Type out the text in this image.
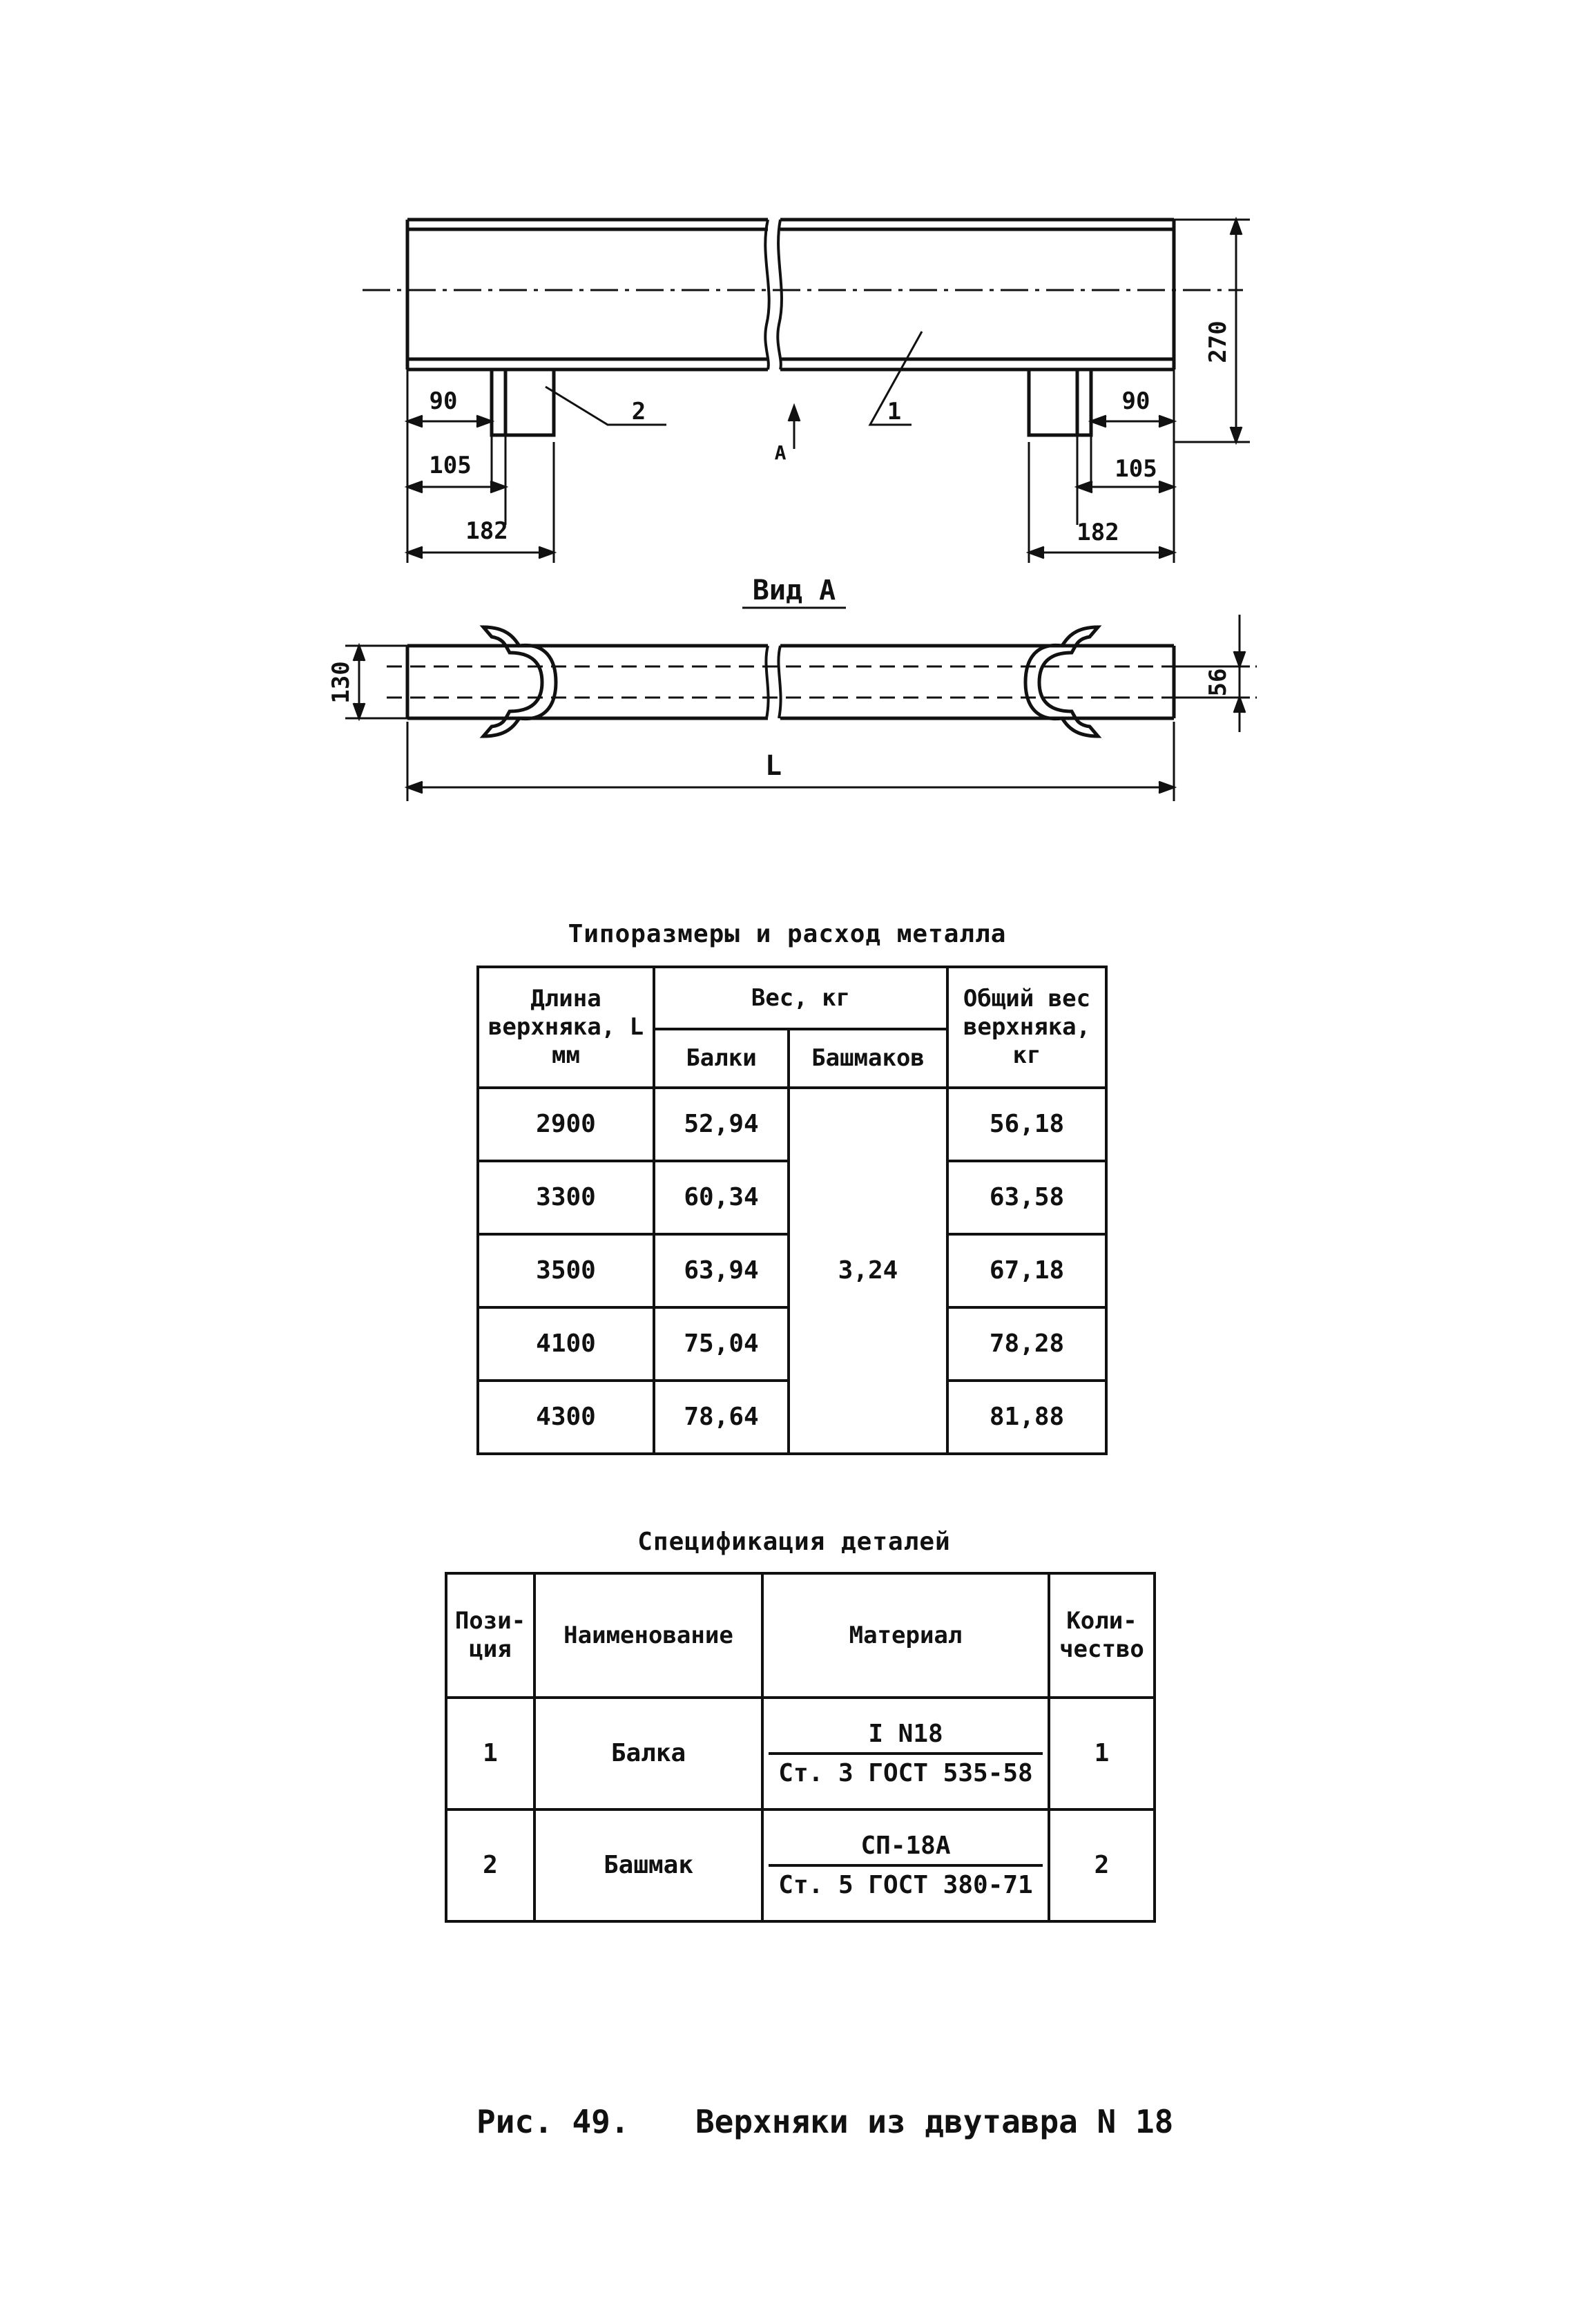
270
90	90
105	105
182	182
2	1
A
Вид А
130	56
L
Типоразмеры и расход металла
Длина верхняка, L мм	Вес, кг		Общий вес верхняка, кг
	Балки	Башмаков	
2900	52,94	3,24	56,18
3300	60,34		63,58
3500	63,94		67,18
4100	75,04		78,28
4300	78,64		81,88
Спецификация деталей
Пози-ция	Наименование	Материал	Коли-чество
1	Балка	$\frac{\text{I N18}}{\text{Ст. 3 ГОСТ 535-58}}$	1
2	Башмак	$\frac{СП-18А}{\text{Ст. 5 ГОСТ 380-71}}$	2
Рис. 49. Верхняки из двутавра N 18
